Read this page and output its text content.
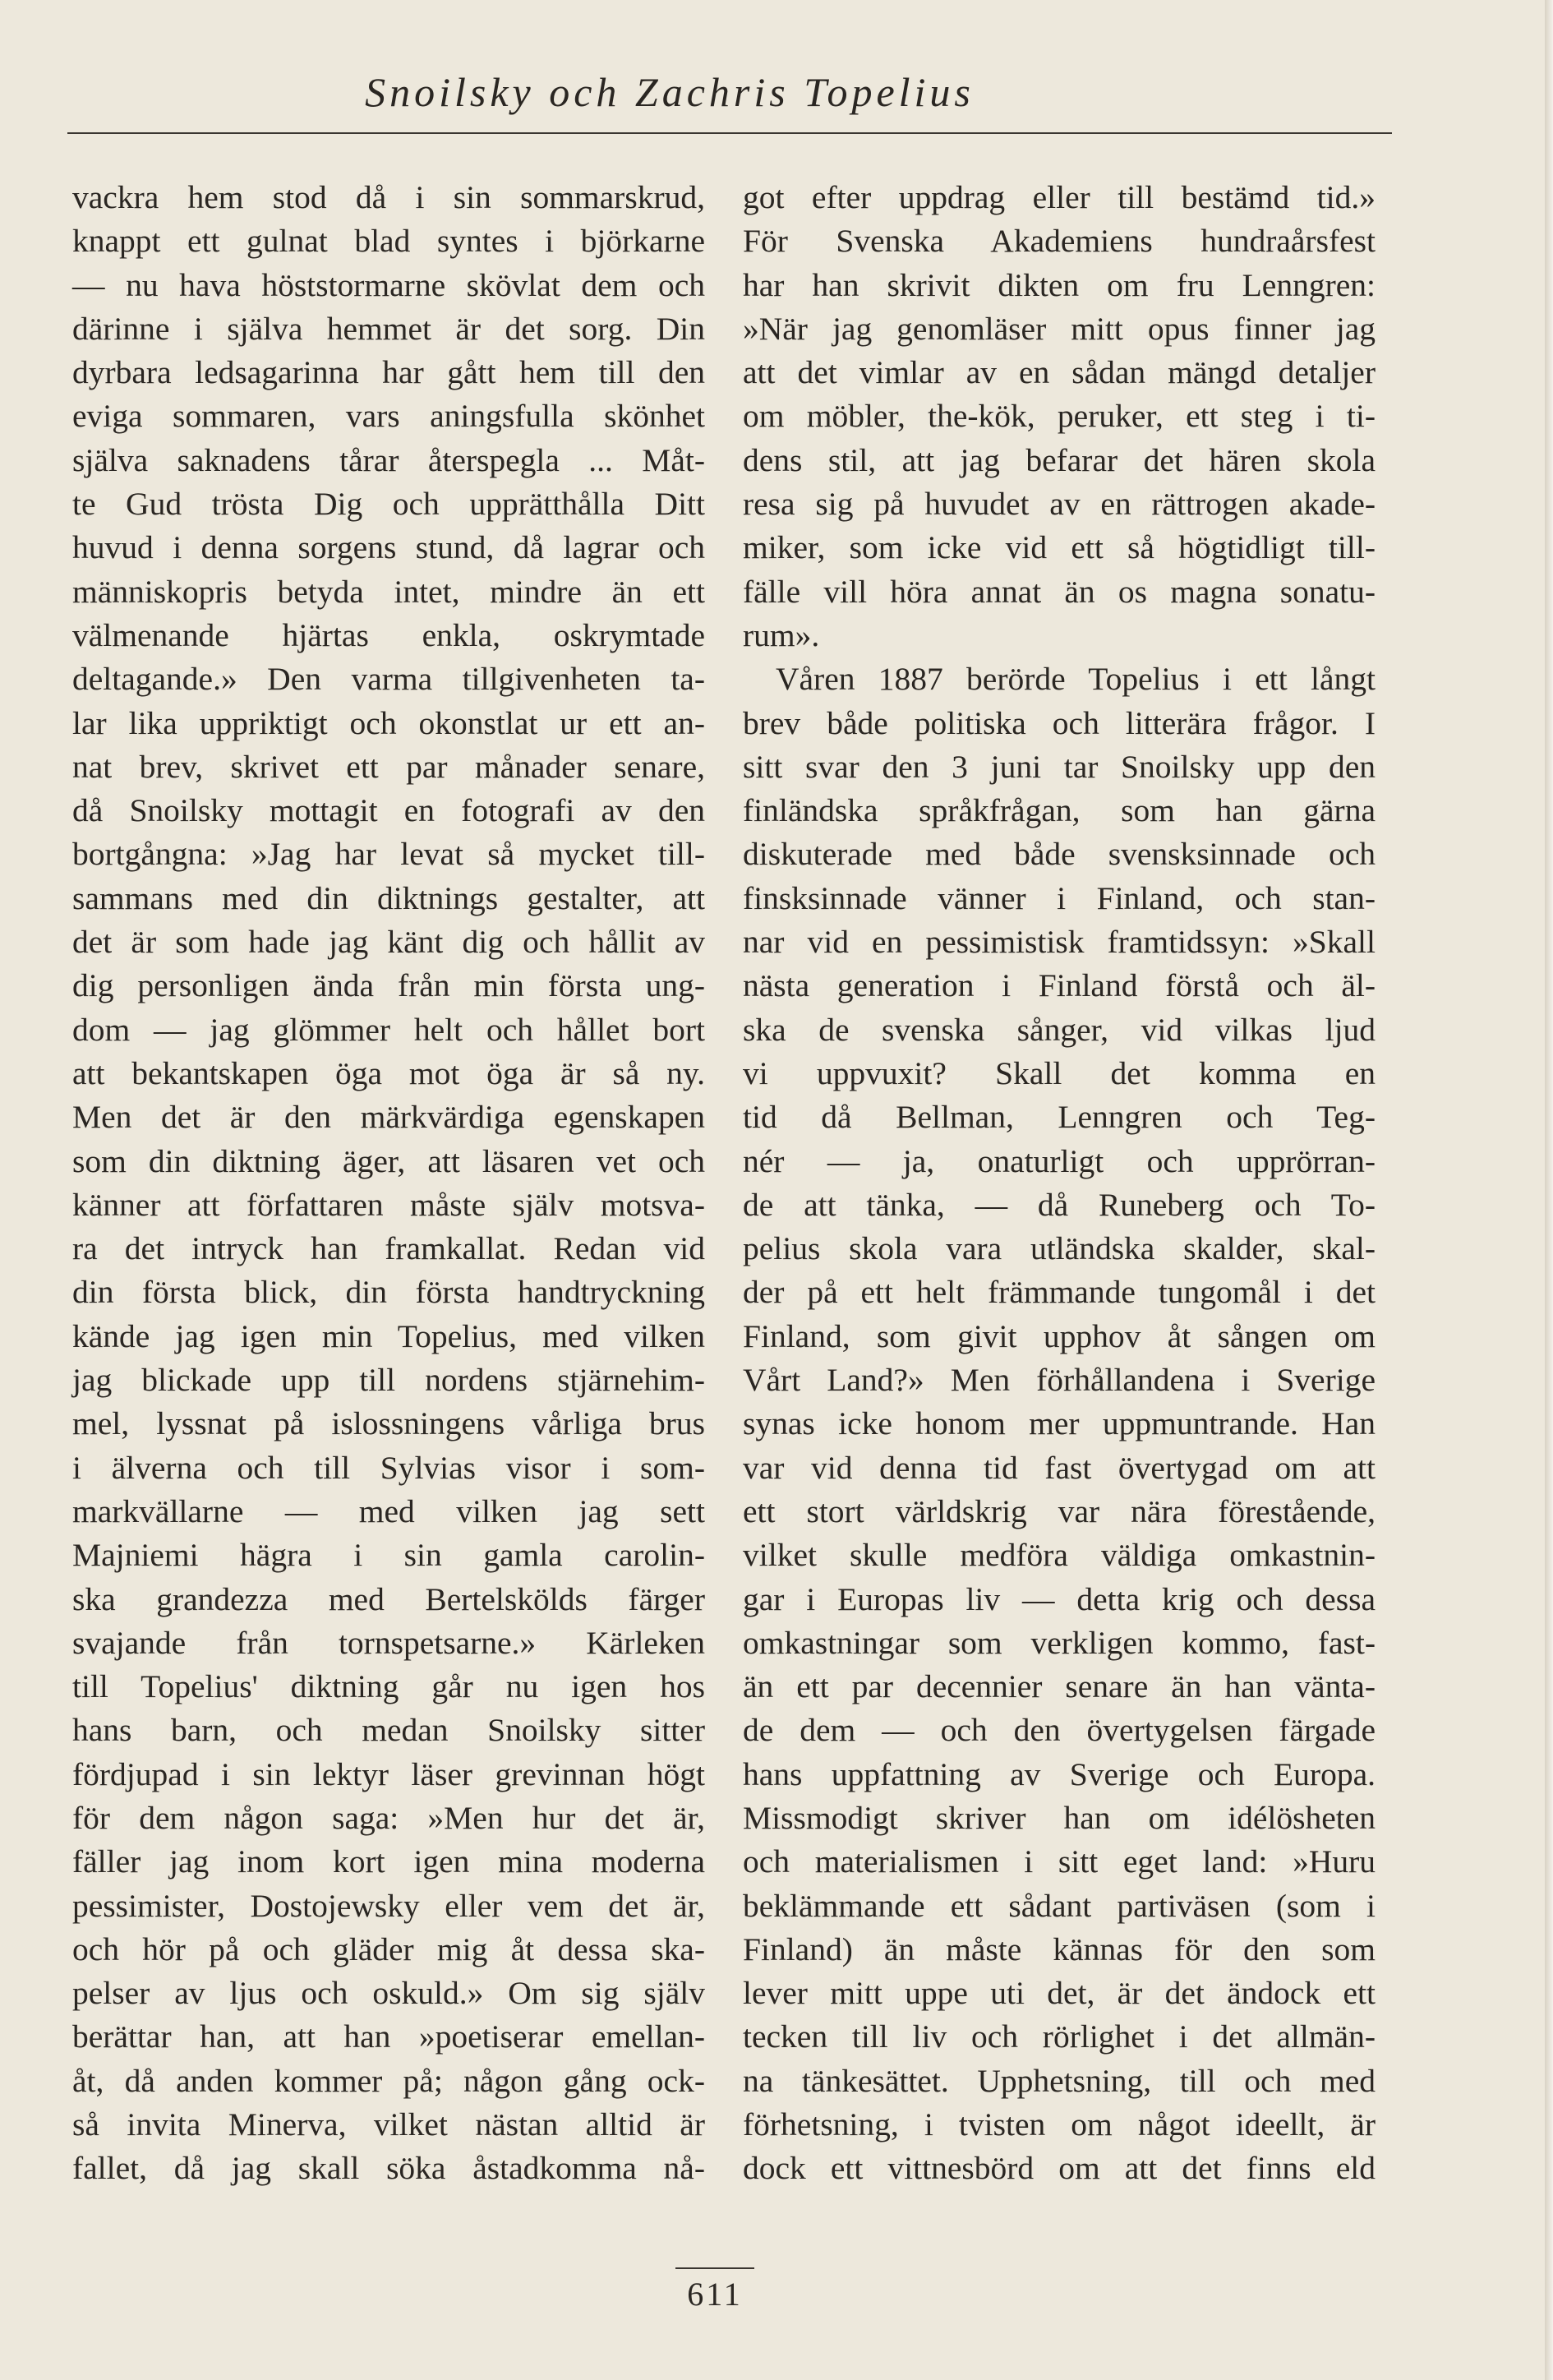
Snoilsky och Zachris Topelius
vackra hem stod då i sin sommarskrud,
knappt ett gulnat blad syntes i björkarne
— nu hava höststormarne skövlat dem och
därinne i själva hemmet är det sorg. Din
dyrbara ledsagarinna har gått hem till den
eviga sommaren, vars aningsfulla skönhet
själva saknadens tårar återspegla ... Måt-
te Gud trösta Dig och upprätthålla Ditt
huvud i denna sorgens stund, då lagrar och
människopris betyda intet, mindre än ett
välmenande hjärtas enkla, oskrymtade
deltagande.» Den varma tillgivenheten ta-
lar lika uppriktigt och okonstlat ur ett an-
nat brev, skrivet ett par månader senare,
då Snoilsky mottagit en fotografi av den
bortgångna: »Jag har levat så mycket till-
sammans med din diktnings gestalter, att
det är som hade jag känt dig och hållit av
dig personligen ända från min första ung-
dom — jag glömmer helt och hållet bort
att bekantskapen öga mot öga är så ny.
Men det är den märkvärdiga egenskapen
som din diktning äger, att läsaren vet och
känner att författaren måste själv motsva-
ra det intryck han framkallat. Redan vid
din första blick, din första handtryckning
kände jag igen min Topelius, med vilken
jag blickade upp till nordens stjärnehim-
mel, lyssnat på islossningens vårliga brus
i älverna och till Sylvias visor i som-
markvällarne — med vilken jag sett
Majniemi hägra i sin gamla carolin-
ska grandezza med Bertelskölds färger
svajande från tornspetsarne.» Kärleken
till Topelius' diktning går nu igen hos
hans barn, och medan Snoilsky sitter
fördjupad i sin lektyr läser grevinnan högt
för dem någon saga: »Men hur det är,
fäller jag inom kort igen mina moderna
pessimister, Dostojewsky eller vem det är,
och hör på och gläder mig åt dessa ska-
pelser av ljus och oskuld.» Om sig själv
berättar han, att han »poetiserar emellan-
åt, då anden kommer på; någon gång ock-
så invita Minerva, vilket nästan alltid är
fallet, då jag skall söka åstadkomma nå-
got efter uppdrag eller till bestämd tid.»
För Svenska Akademiens hundraårsfest
har han skrivit dikten om fru Lenngren:
»När jag genomläser mitt opus finner jag
att det vimlar av en sådan mängd detaljer
om möbler, the-kök, peruker, ett steg i ti-
dens stil, att jag befarar det hären skola
resa sig på huvudet av en rättrogen akade-
miker, som icke vid ett så högtidligt till-
fälle vill höra annat än os magna sonatu-
rum».
Våren 1887 berörde Topelius i ett långt
brev både politiska och litterära frågor. I
sitt svar den 3 juni tar Snoilsky upp den
finländska språkfrågan, som han gärna
diskuterade med både svensksinnade och
finsksinnade vänner i Finland, och stan-
nar vid en pessimistisk framtidssyn: »Skall
nästa generation i Finland förstå och äl-
ska de svenska sånger, vid vilkas ljud
vi uppvuxit? Skall det komma en
tid då Bellman, Lenngren och Teg-
nér — ja, onaturligt och upprörran-
de att tänka, — då Runeberg och To-
pelius skola vara utländska skalder, skal-
der på ett helt främmande tungomål i det
Finland, som givit upphov åt sången om
Vårt Land?» Men förhållandena i Sverige
synas icke honom mer uppmuntrande. Han
var vid denna tid fast övertygad om att
ett stort världskrig var nära förestående,
vilket skulle medföra väldiga omkastnin-
gar i Europas liv — detta krig och dessa
omkastningar som verkligen kommo, fast-
än ett par decennier senare än han vänta-
de dem — och den övertygelsen färgade
hans uppfattning av Sverige och Europa.
Missmodigt skriver han om idélösheten
och materialismen i sitt eget land: »Huru
beklämmande ett sådant partiväsen (som i
Finland) än måste kännas för den som
lever mitt uppe uti det, är det ändock ett
tecken till liv och rörlighet i det allmän-
na tänkesättet. Upphetsning, till och med
förhetsning, i tvisten om något ideellt, är
dock ett vittnesbörd om att det finns eld
611
